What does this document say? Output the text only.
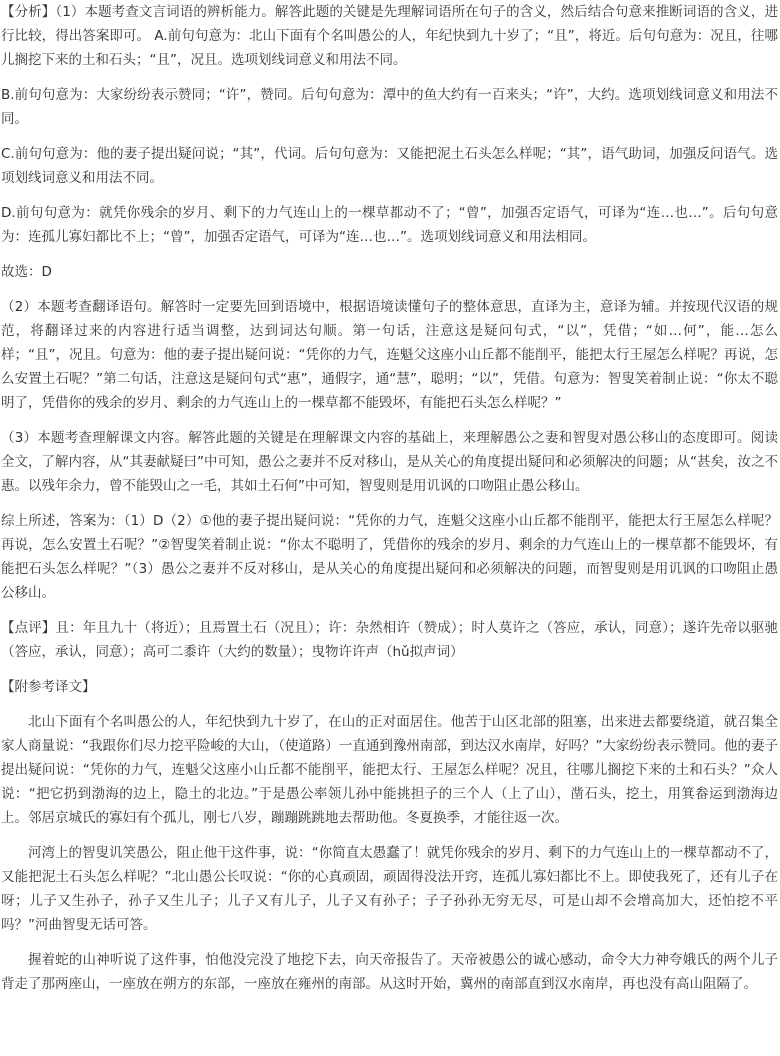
【分析】（1）本题考查文言词语的辨析能力。解答此题的关键是先理解词语所在句子的含义，然后结合句意来推断词语的含义，进行比较，得出答案即可。 A.前句句意为：北山下面有个名叫愚公的人，年纪快到九十岁了；“且”，将近。后句句意为：况且，往哪儿搁挖下来的土和石头；“且”，况且。选项划线词意义和用法不同。

B.前句句意为：大家纷纷表示赞同；“许”，赞同。后句句意为：潭中的鱼大约有一百来头；“许”，大约。选项划线词意义和用法不同。

C.前句句意为：他的妻子提出疑问说；“其”，代词。后句句意为：又能把泥土石头怎么样呢；“其”，语气助词，加强反问语气。选项划线词意义和用法不同。

D.前句句意为：就凭你残余的岁月、剩下的力气连山上的一棵草都动不了；“曾”，加强否定语气，可译为“连…也…”。后句句意为：连孤儿寡妇都比不上；“曾”，加强否定语气，可译为“连…也…”。选项划线词意义和用法相同。

故选：D

（2）本题考查翻译语句。解答时一定要先回到语境中，根据语境读懂句子的整体意思，直译为主，意译为辅。并按现代汉语的规范，将翻译过来的内容进行适当调整，达到词达句顺。第一句话，注意这是疑问句式，“以”，凭借；“如…何”，能…怎么样；“且”，况且。句意为：他的妻子提出疑问说：“凭你的力气，连魁父这座小山丘都不能削平，能把太行王屋怎么样呢？再说，怎么安置土石呢？”第二句话，注意这是疑问句式“惠”，通假字，通“慧”，聪明；“以”，凭借。句意为：智叟笑着制止说：“你太不聪明了，凭借你的残余的岁月、剩余的力气连山上的一棵草都不能毁坏，有能把石头怎么样呢？”

（3）本题考查理解课文内容。解答此题的关键是在理解课文内容的基础上，来理解愚公之妻和智叟对愚公移山的态度即可。阅读全文，了解内容，从“其妻献疑曰”中可知，愚公之妻并不反对移山，是从关心的角度提出疑问和必须解决的问题；从“甚矣，汝之不惠。以残年余力，曾不能毁山之一毛，其如土石何”中可知，智叟则是用讥讽的口吻阻止愚公移山。

综上所述，答案为：（1）D（2）①他的妻子提出疑问说：“凭你的力气，连魁父这座小山丘都不能削平，能把太行王屋怎么样呢？再说，怎么安置土石呢？”②智叟笑着制止说：“你太不聪明了，凭借你的残余的岁月、剩余的力气连山上的一棵草都不能毁坏，有能把石头怎么样呢？”（3）愚公之妻并不反对移山，是从关心的角度提出疑问和必须解决的问题，而智叟则是用讥讽的口吻阻止愚公移山。

【点评】且：年且九十（将近）；且焉置土石（况且）；许：杂然相许（赞成）；时人莫许之（答应，承认，同意）；遂许先帝以驱驰（答应，承认，同意）；高可二黍许（大约的数量）；曳物许许声（hǔ拟声词）

【附参考译文】

北山下面有个名叫愚公的人，年纪快到九十岁了，在山的正对面居住。他苦于山区北部的阻塞，出来进去都要绕道，就召集全家人商量说：“我跟你们尽力挖平险峻的大山，（使道路）一直通到豫州南部，到达汉水南岸，好吗？”大家纷纷表示赞同。他的妻子提出疑问说：“凭你的力气，连魁父这座小山丘都不能削平，能把太行、王屋怎么样呢？况且，往哪儿搁挖下来的土和石头？”众人说：“把它扔到渤海的边上，隐土的北边。”于是愚公率领儿孙中能挑担子的三个人（上了山），凿石头，挖土，用箕畚运到渤海边上。邻居京城氏的寡妇有个孤儿，刚七八岁，蹦蹦跳跳地去帮助他。冬夏换季，才能往返一次。

河湾上的智叟讥笑愚公，阻止他干这件事，说：“你简直太愚蠢了！就凭你残余的岁月、剩下的力气连山上的一棵草都动不了，又能把泥土石头怎么样呢？”北山愚公长叹说：“你的心真顽固，顽固得没法开窍，连孤儿寡妇都比不上。即使我死了，还有儿子在呀；儿子又生孙子，孙子又生儿子；儿子又有儿子，儿子又有孙子；子子孙孙无穷无尽，可是山却不会增高加大，还怕挖不平吗？”河曲智叟无话可答。

握着蛇的山神听说了这件事，怕他没完没了地挖下去，向天帝报告了。天帝被愚公的诚心感动，命令大力神夸娥氏的两个儿子背走了那两座山，一座放在朔方的东部，一座放在雍州的南部。从这时开始，冀州的南部直到汉水南岸，再也没有高山阻隔了。
